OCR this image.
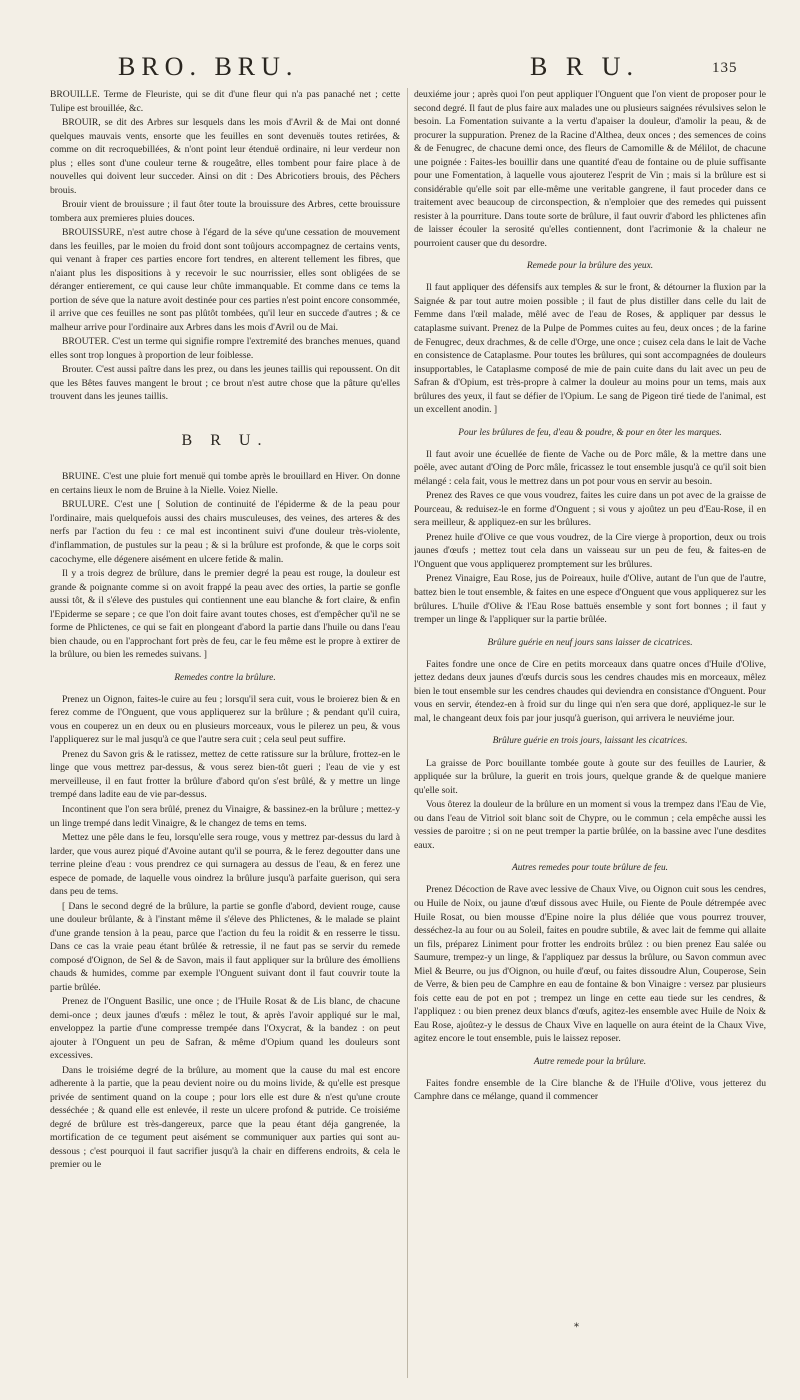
BRO. BRU.	B R U.	135

BROUILLE. Terme de Fleuriste, qui se dit d'une fleur qui n'a pas panaché net ; cette Tulipe est brouillée, &c.

BROUIR, se dit des Arbres sur lesquels dans les mois d'Avril & de Mai ont donné quelques mauvais vents, ensorte que les feuilles en sont devenuës toutes retirées, & comme on dit recroquebillées, & n'ont point leur étenduë ordinaire, ni leur verdeur non plus ; elles sont d'une couleur terne & rougeâtre, elles tombent pour faire place à de nouvelles qui doivent leur succeder. Ainsi on dit : Des Abricotiers brouis, des Pêchers brouis.

Brouir vient de brouissure ; il faut ôter toute la brouissure des Arbres, cette brouissure tombera aux premieres pluies douces.

BROUISSURE, n'est autre chose à l'égard de la séve qu'une cessation de mouvement dans les feuilles, par le moien du froid dont sont toûjours accompagnez de certains vents, qui venant à fraper ces parties encore fort tendres, en alterent tellement les fibres, que n'aiant plus les dispositions à y recevoir le suc nourrissier, elles sont obligées de se déranger entierement, ce qui cause leur chûte immanquable. Et comme dans ce tems la portion de séve que la nature avoit destinée pour ces parties n'est point encore consommée, il arrive que ces feuilles ne sont pas plûtôt tombées, qu'il leur en succede d'autres ; & ce malheur arrive pour l'ordinaire aux Arbres dans les mois d'Avril ou de Mai.

BROUTER. C'est un terme qui signifie rompre l'extremité des branches menues, quand elles sont trop longues à proportion de leur foiblesse.

Brouter. C'est aussi paître dans les prez, ou dans les jeunes taillis qui repoussent. On dit que les Bêtes fauves mangent le brout ; ce brout n'est autre chose que la pâture qu'elles trouvent dans les jeunes taillis.

B R U.

BRUINE. C'est une pluie fort menuë qui tombe après le brouillard en Hiver. On donne en certains lieux le nom de Bruine à la Nielle. Voiez Nielle.

BRULURE. C'est une [ Solution de continuité de l'épiderme & de la peau pour l'ordinaire, mais quelquefois aussi des chairs musculeuses, des veines, des arteres & des nerfs par l'action du feu : ce mal est incontinent suivi d'une douleur très-violente, d'inflammation, de pustules sur la peau ; & si la brûlure est profonde, & que le corps soit cacochyme, elle dégenere aisément en ulcere fetide & malin.

Il y a trois degrez de brûlure, dans le premier degré la peau est rouge, la douleur est grande & poignante comme si on avoit frappé la peau avec des orties, la partie se gonfle aussi tôt, & il s'éleve des pustules qui contiennent une eau blanche & fort claire, & enfin l'Epiderme se separe ; ce que l'on doit faire avant toutes choses, est d'empêcher qu'il ne se forme de Phlictenes, ce qui se fait en plongeant d'abord la partie dans l'huile ou dans l'eau bien chaude, ou en l'approchant fort près de feu, car le feu même est le propre à extirer de la brûlure, ou bien les remedes suivans. ]

Remedes contre la brûlure.

Prenez un Oignon, faites-le cuire au feu ; lorsqu'il sera cuit, vous le broierez bien & en ferez comme de l'Onguent, que vous appliquerez sur la brûlure ; & pendant qu'il cuira, vous en couperez un en deux ou en plusieurs morceaux, vous le pilerez un peu, & vous l'appliquerez sur le mal jusqu'à ce que l'autre sera cuit ; cela seul peut suffire.

Prenez du Savon gris & le ratissez, mettez de cette ratissure sur la brûlure, frottez-en le linge que vous mettrez par-dessus, & vous serez bien-tôt gueri ; l'eau de vie y est merveilleuse, il en faut frotter la brûlure d'abord qu'on s'est brûlé, & y mettre un linge trempé dans ladite eau de vie par-dessus.

Incontinent que l'on sera brûlé, prenez du Vinaigre, & bassinez-en la brûlure ; mettez-y un linge trempé dans ledit Vinaigre, & le changez de tems en tems.

Mettez une pêle dans le feu, lorsqu'elle sera rouge, vous y mettrez par-dessus du lard à larder, que vous aurez piqué d'Avoine autant qu'il se pourra, & le ferez degoutter dans une terrine pleine d'eau : vous prendrez ce qui surnagera au dessus de l'eau, & en ferez une espece de pomade, de laquelle vous oindrez la brûlure jusqu'à parfaite guerison, qui sera dans peu de tems.

[ Dans le second degré de la brûlure, la partie se gonfle d'abord, devient rouge, cause une douleur brûlante, & à l'instant même il s'éleve des Phlictenes, & le malade se plaint d'une grande tension à la peau, parce que l'action du feu la roidit & en resserre le tissu. Dans ce cas la vraie peau étant brûlée & retressie, il ne faut pas se servir du remede composé d'Oignon, de Sel & de Savon, mais il faut appliquer sur la brûlure des émolliens chauds & humides, comme par exemple l'Onguent suivant dont il faut couvrir toute la partie brûlée.

Prenez de l'Onguent Basilic, une once ; de l'Huile Rosat & de Lis blanc, de chacune demi-once ; deux jaunes d'œufs : mêlez le tout, & après l'avoir appliqué sur le mal, enveloppez la partie d'une compresse trempée dans l'Oxycrat, & la bandez : on peut ajouter à l'Onguent un peu de Safran, & même d'Opium quand les douleurs sont excessives.

Dans le troisiéme degré de la brûlure, au moment que la cause du mal est encore adherente à la partie, que la peau devient noire ou du moins livide, & qu'elle est presque privée de sentiment quand on la coupe ; pour lors elle est dure & n'est qu'une croute desséchée ; & quand elle est enlevée, il reste un ulcere profond & putride. Ce troisiéme degré de brûlure est très-dangereux, parce que la peau étant déja gangrenée, la mortification de ce tegument peut aisément se communiquer aux parties qui sont au-dessous ; c'est pourquoi il faut sacrifier jusqu'à la chair en differens endroits, & cela le premier ou le

deuxiéme jour ; après quoi l'on peut appliquer l'Onguent que l'on vient de proposer pour le second degré. Il faut de plus faire aux malades une ou plusieurs saignées révulsives selon le besoin. La Fomentation suivante a la vertu d'apaiser la douleur, d'amolir la peau, & de procurer la suppuration. Prenez de la Racine d'Althea, deux onces ; des semences de coins & de Fenugrec, de chacune demi once, des fleurs de Camomille & de Mélilot, de chacune une poignée : Faites-les bouillir dans une quantité d'eau de fontaine ou de pluie suffisante pour une Fomentation, à laquelle vous ajouterez l'esprit de Vin ; mais si la brûlure est si considérable qu'elle soit par elle-même une veritable gangrene, il faut proceder dans ce traitement avec beaucoup de circonspection, & n'emploier que des remedes qui puissent resister à la pourriture. Dans toute sorte de brûlure, il faut ouvrir d'abord les phlictenes afin de laisser écouler la serosité qu'elles contiennent, dont l'acrimonie & la chaleur ne pourroient causer que du desordre.

Remede pour la brûlure des yeux.

Il faut appliquer des défensifs aux temples & sur le front, & détourner la fluxion par la Saignée & par tout autre moien possible ; il faut de plus distiller dans celle du lait de Femme dans l'œil malade, mêlé avec de l'eau de Roses, & appliquer par dessus le cataplasme suivant. Prenez de la Pulpe de Pommes cuites au feu, deux onces ; de la farine de Fenugrec, deux drachmes, & de celle d'Orge, une once ; cuisez cela dans le lait de Vache en consistence de Cataplasme. Pour toutes les brûlures, qui sont accompagnées de douleurs insupportables, le Cataplasme composé de mie de pain cuite dans du lait avec un peu de Safran & d'Opium, est très-propre à calmer la douleur au moins pour un tems, mais aux brûlures des yeux, il faut se défier de l'Opium. Le sang de Pigeon tiré tiede de l'animal, est un excellent anodin. ]

Pour les brûlures de feu, d'eau & poudre, & pour en ôter les marques.

Il faut avoir une écuellée de fiente de Vache ou de Porc mâle, & la mettre dans une poële, avec autant d'Oing de Porc mâle, fricassez le tout ensemble jusqu'à ce qu'il soit bien mélangé : cela fait, vous le mettrez dans un pot pour vous en servir au besoin.

Prenez des Raves ce que vous voudrez, faites les cuire dans un pot avec de la graisse de Pourceau, & reduisez-le en forme d'Onguent ; si vous y ajoûtez un peu d'Eau-Rose, il en sera meilleur, & appliquez-en sur les brûlures.

Prenez huile d'Olive ce que vous voudrez, de la Cire vierge à proportion, deux ou trois jaunes d'œufs ; mettez tout cela dans un vaisseau sur un peu de feu, & faites-en de l'Onguent que vous appliquerez promptement sur les brûlures.

Prenez Vinaigre, Eau Rose, jus de Poireaux, huile d'Olive, autant de l'un que de l'autre, battez bien le tout ensemble, & faites en une espece d'Onguent que vous appliquerez sur les brûlures. L'huile d'Olive & l'Eau Rose battuës ensemble y sont fort bonnes ; il faut y tremper un linge & l'appliquer sur la partie brûlée.

Brûlure guérie en neuf jours sans laisser de cicatrices.

Faites fondre une once de Cire en petits morceaux dans quatre onces d'Huile d'Olive, jettez dedans deux jaunes d'œufs durcis sous les cendres chaudes mis en morceaux, mêlez bien le tout ensemble sur les cendres chaudes qui deviendra en consistance d'Onguent. Pour vous en servir, étendez-en à froid sur du linge qui n'en sera que doré, appliquez-le sur le mal, le changeant deux fois par jour jusqu'à guerison, qui arrivera le neuviéme jour.

Brûlure guérie en trois jours, laissant les cicatrices.

La graisse de Porc bouillante tombée goute à goute sur des feuilles de Laurier, & appliquée sur la brûlure, la guerit en trois jours, quelque grande & de quelque maniere qu'elle soit.

Vous ôterez la douleur de la brûlure en un moment si vous la trempez dans l'Eau de Vie, ou dans l'eau de Vitriol soit blanc soit de Chypre, ou le commun ; cela empêche aussi les vessies de paroitre ; si on ne peut tremper la partie brûlée, on la bassine avec l'une desdites eaux.

Autres remedes pour toute brûlure de feu.

Prenez Décoction de Rave avec lessive de Chaux Vive, ou Oignon cuit sous les cendres, ou Huile de Noix, ou jaune d'œuf dissous avec Huile, ou Fiente de Poule détrempée avec Huile Rosat, ou bien mousse d'Epine noire la plus déliée que vous pourrez trouver, desséchez-la au four ou au Soleil, faites en poudre subtile, & avec lait de femme qui allaite un fils, préparez Liniment pour frotter les endroits brûlez : ou bien prenez Eau salée ou Saumure, trempez-y un linge, & l'appliquez par dessus la brûlure, ou Savon commun avec Miel & Beurre, ou jus d'Oignon, ou huile d'œuf, ou faites dissoudre Alun, Couperose, Sein de Verre, & bien peu de Camphre en eau de fontaine & bon Vinaigre : versez par plusieurs fois cette eau de pot en pot ; trempez un linge en cette eau tiede sur les cendres, & l'appliquez : ou bien prenez deux blancs d'œufs, agitez-les ensemble avec Huile de Noix & Eau Rose, ajoûtez-y le dessus de Chaux Vive en laquelle on aura éteint de la Chaux Vive, agitez encore le tout ensemble, puis le laissez reposer.

Autre remede pour la brûlure.

Faites fondre ensemble de la Cire blanche & de l'Huile d'Olive, vous jetterez du Camphre dans ce mélange, quand il commencer

*
